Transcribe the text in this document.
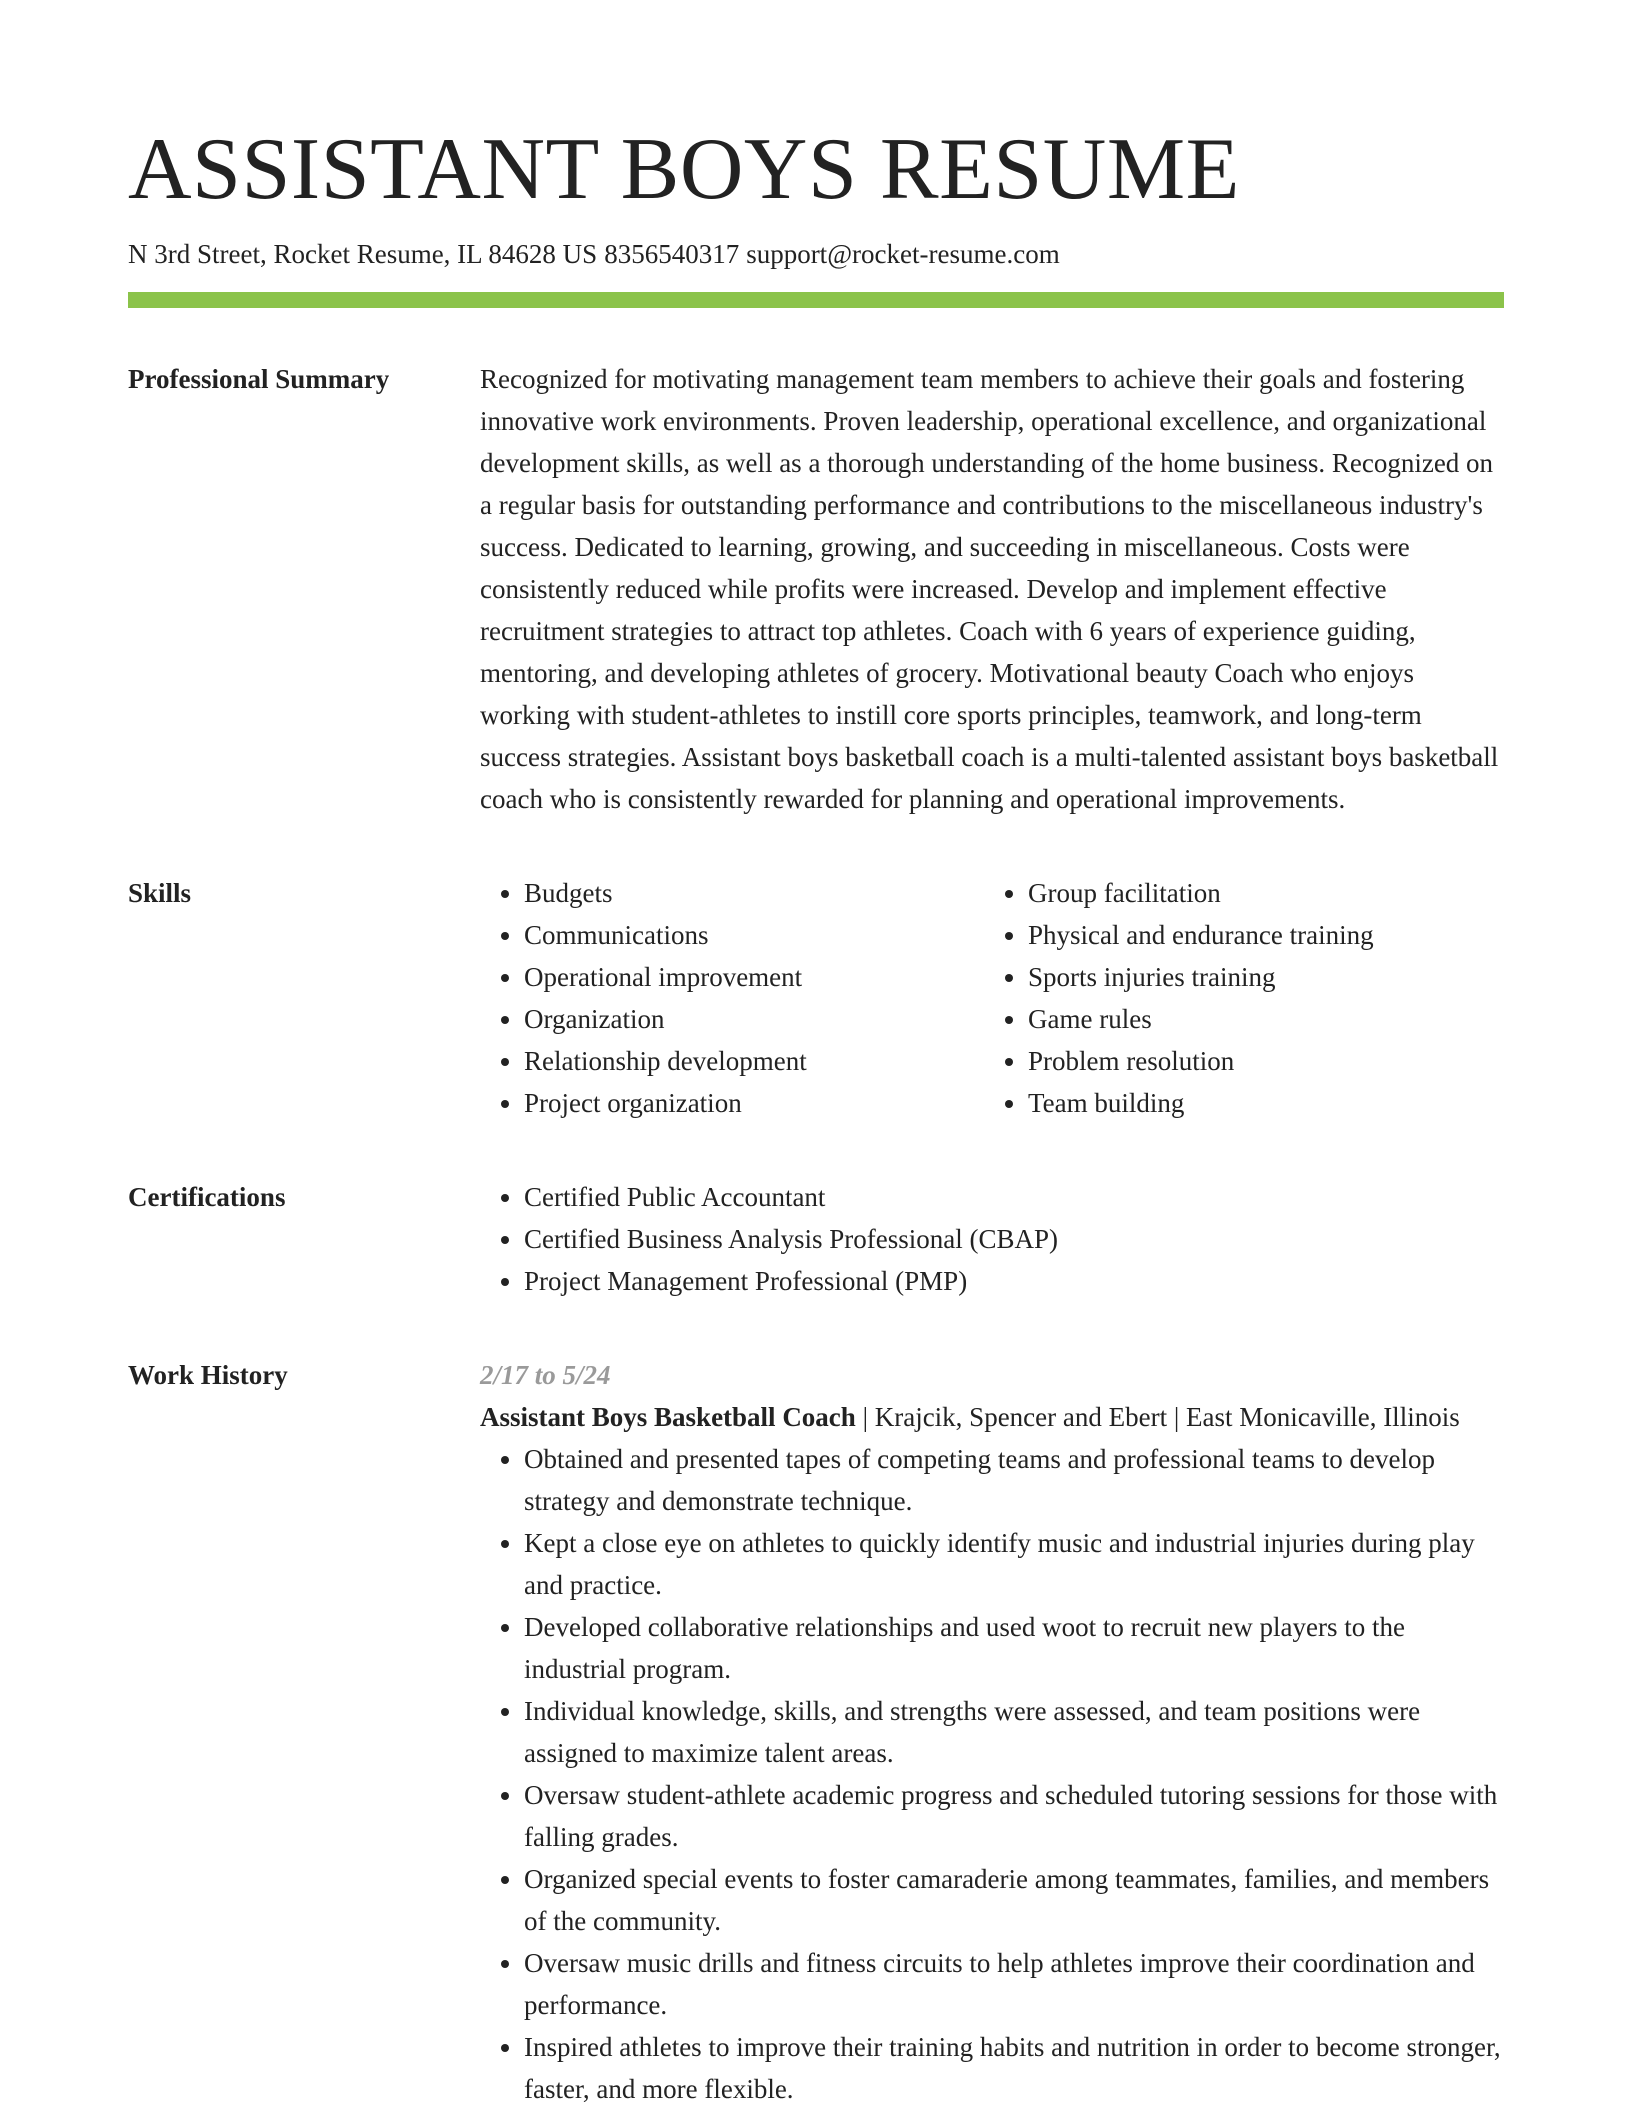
ASSISTANT BOYS RESUME
N 3rd Street, Rocket Resume, IL 84628 US 8356540317 support@rocket-resume.com
Professional Summary	Recognized for motivating management team members to achieve their goals and fostering innovative work environments. Proven leadership, operational excellence, and organizational development skills, as well as a thorough understanding of the home business. Recognized on a regular basis for outstanding performance and contributions to the miscellaneous industry's success. Dedicated to learning, growing, and succeeding in miscellaneous. Costs were consistently reduced while profits were increased. Develop and implement effective recruitment strategies to attract top athletes. Coach with 6 years of experience guiding, mentoring, and developing athletes of grocery. Motivational beauty Coach who enjoys working with student-athletes to instill core sports principles, teamwork, and long-term success strategies. Assistant boys basketball coach is a multi-talented assistant boys basketball coach who is consistently rewarded for planning and operational improvements.

Skills	• Budgets
• Communications
• Operational improvement
• Organization
• Relationship development
• Project organization
• Group facilitation
• Physical and endurance training
• Sports injuries training
• Game rules
• Problem resolution
• Team building
Certifications	• Certified Public Accountant
• Certified Business Analysis Professional (CBAP)
• Project Management Professional (PMP)
Work History	2/17 to 5/24
Assistant Boys Basketball Coach | Krajcik, Spencer and Ebert | East Monicaville, Illinois
• Obtained and presented tapes of competing teams and professional teams to develop strategy and demonstrate technique.
• Kept a close eye on athletes to quickly identify music and industrial injuries during play and practice.
• Developed collaborative relationships and used woot to recruit new players to the industrial program.
• Individual knowledge, skills, and strengths were assessed, and team positions were assigned to maximize talent areas.
• Oversaw student-athlete academic progress and scheduled tutoring sessions for those with falling grades.
• Organized special events to foster camaraderie among teammates, families, and members of the community.
• Oversaw music drills and fitness circuits to help athletes improve their coordination and performance.
• Inspired athletes to improve their training habits and nutrition in order to become stronger, faster, and more flexible.
